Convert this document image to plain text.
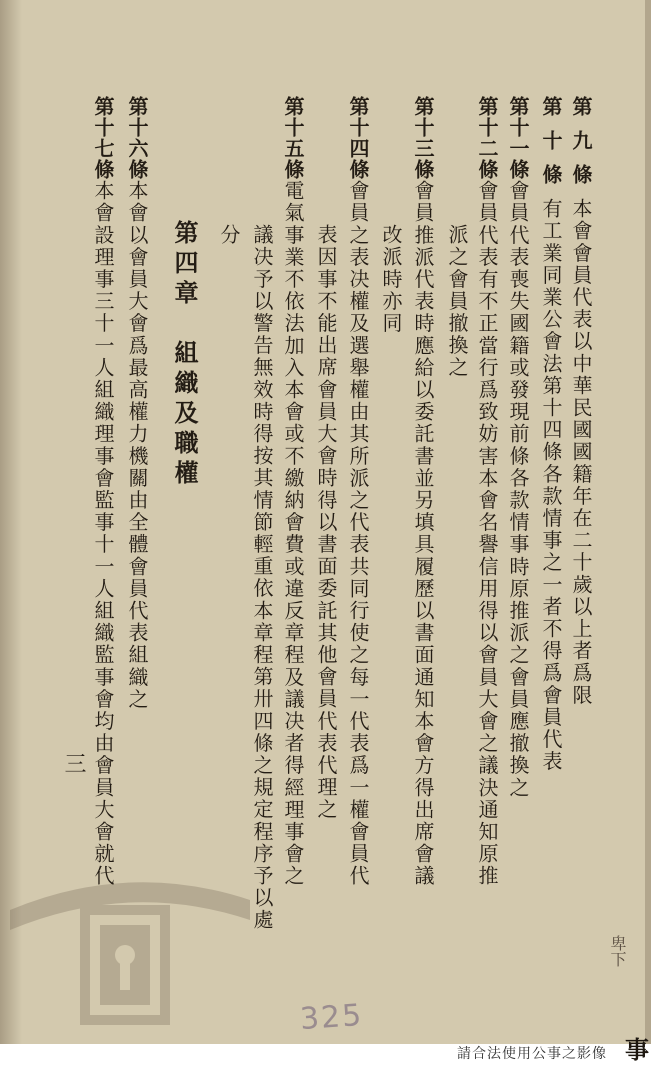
第九條本會會員代表以中華民國國籍年在二十歲以上者爲限
第十條有工業同業公會法第十四條各款情事之一者不得爲會員代表
第十一條會員代表喪失國籍或發現前條各款情事時原推派之會員應撤換之
第十二條會員代表有不正當行爲致妨害本會名譽信用得以會員大會之議決通知原推
派之會員撤換之
第十三條會員推派代表時應給以委託書並另填具履歷以書面通知本會方得出席會議
改派時亦同
第十四條會員之表决權及選舉權由其所派之代表共同行使之每一代表爲一權會員代
表因事不能出席會員大會時得以書面委託其他會員代表代理之
第十五條電氣事業不依法加入本會或不繳納會費或違反章程及議决者得經理事會之
議决予以警告無效時得按其情節輕重依本章程第卅四條之規定程序予以處
分
第四章　組織及職權
第十六條本會以會員大會爲最高權力機關由全體會員代表組織之
第十七條本會設理事三十一人組織理事會監事十一人組織監事會均由會員大會就代
三
卑下
325
請合法使用公事之影像 事
